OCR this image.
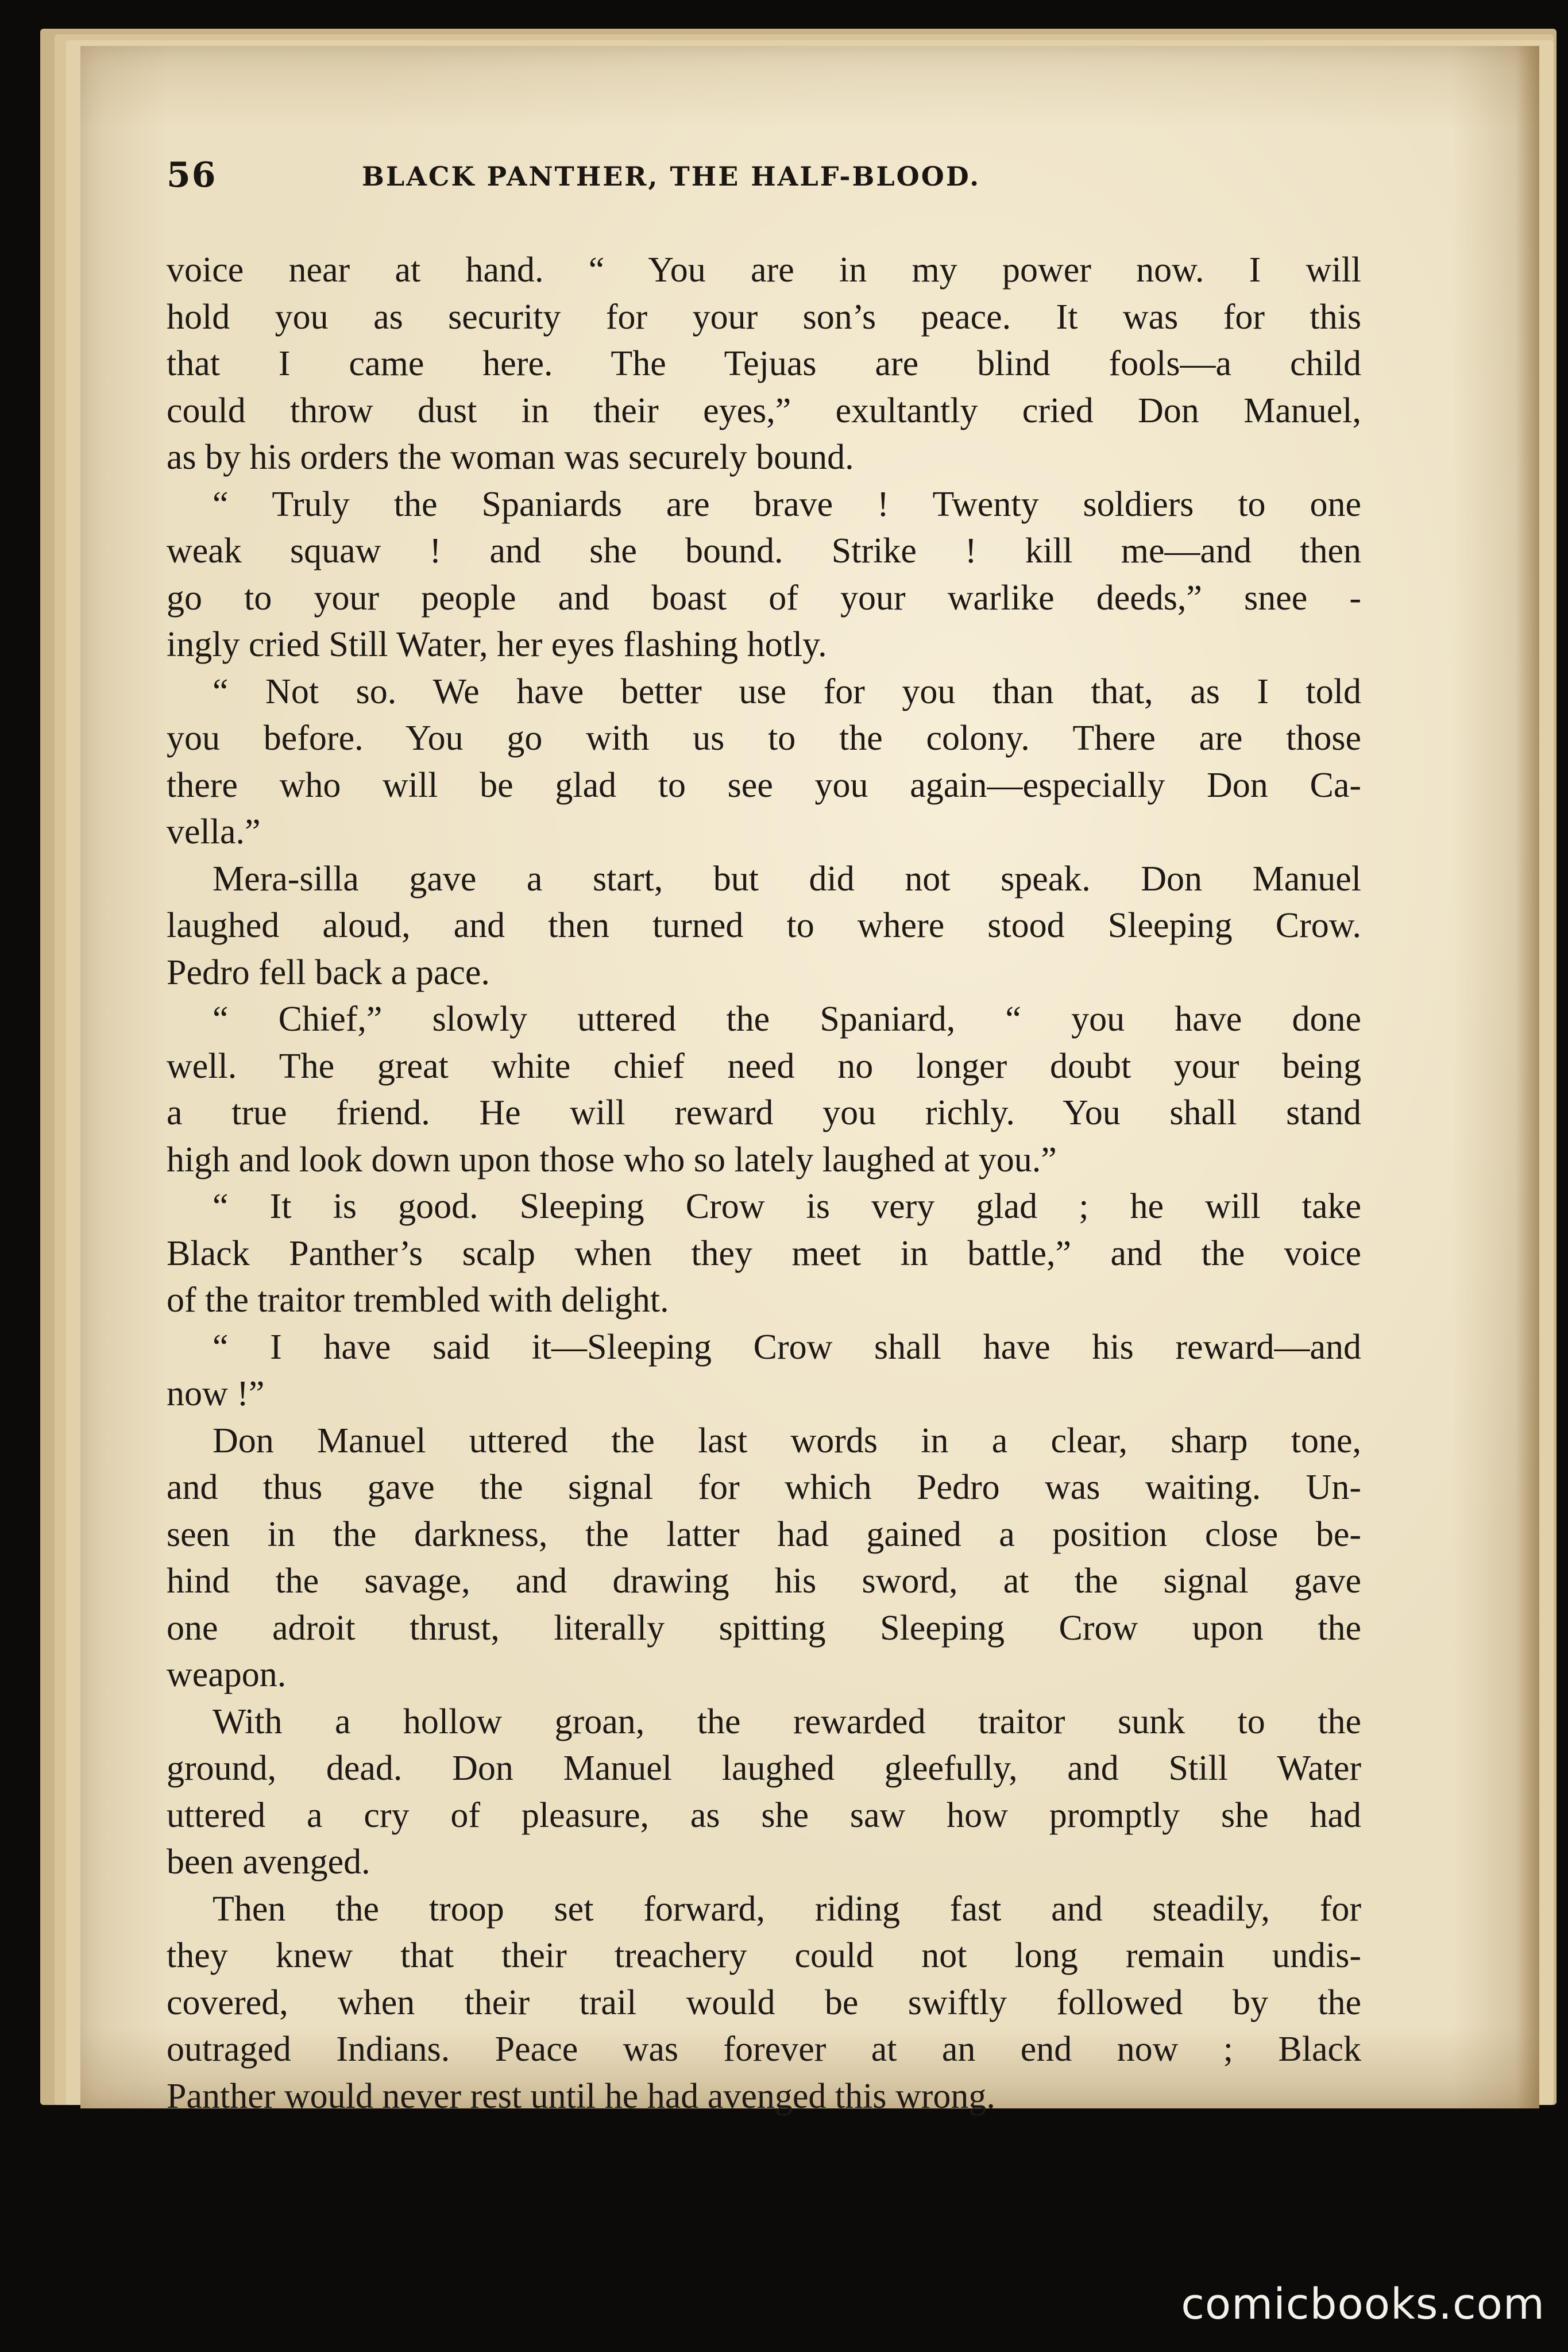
56	BLACK PANTHER, THE HALF-BLOOD.
voice near at hand. “ You are in my power now. I will
hold you as security for your son’s peace. It was for this
that I came here. The Tejuas are blind fools—a child
could throw dust in their eyes,” exultantly cried Don Manuel,
as by his orders the woman was securely bound.
“ Truly the Spaniards are brave ! Twenty soldiers to one
weak squaw ! and she bound. Strike ! kill me—and then
go to your people and boast of your warlike deeds,” snee -
ingly cried Still Water, her eyes flashing hotly.
“ Not so. We have better use for you than that, as I told
you before. You go with us to the colony. There are those
there who will be glad to see you again—especially Don Ca-
vella.”
Mera-silla gave a start, but did not speak. Don Manuel
laughed aloud, and then turned to where stood Sleeping Crow.
Pedro fell back a pace.
“ Chief,” slowly uttered the Spaniard, “ you have done
well. The great white chief need no longer doubt your being
a true friend. He will reward you richly. You shall stand
high and look down upon those who so lately laughed at you.”
“ It is good. Sleeping Crow is very glad ; he will take
Black Panther’s scalp when they meet in battle,” and the voice
of the traitor trembled with delight.
“ I have said it—Sleeping Crow shall have his reward—and
now !”
Don Manuel uttered the last words in a clear, sharp tone,
and thus gave the signal for which Pedro was waiting. Un-
seen in the darkness, the latter had gained a position close be-
hind the savage, and drawing his sword, at the signal gave
one adroit thrust, literally spitting Sleeping Crow upon the
weapon.
With a hollow groan, the rewarded traitor sunk to the
ground, dead. Don Manuel laughed gleefully, and Still Water
uttered a cry of pleasure, as she saw how promptly she had
been avenged.
Then the troop set forward, riding fast and steadily, for
they knew that their treachery could not long remain undis-
covered, when their trail would be swiftly followed by the
outraged Indians. Peace was forever at an end now ; Black
Panther would never rest until he had avenged this wrong.
comicbooks.com
